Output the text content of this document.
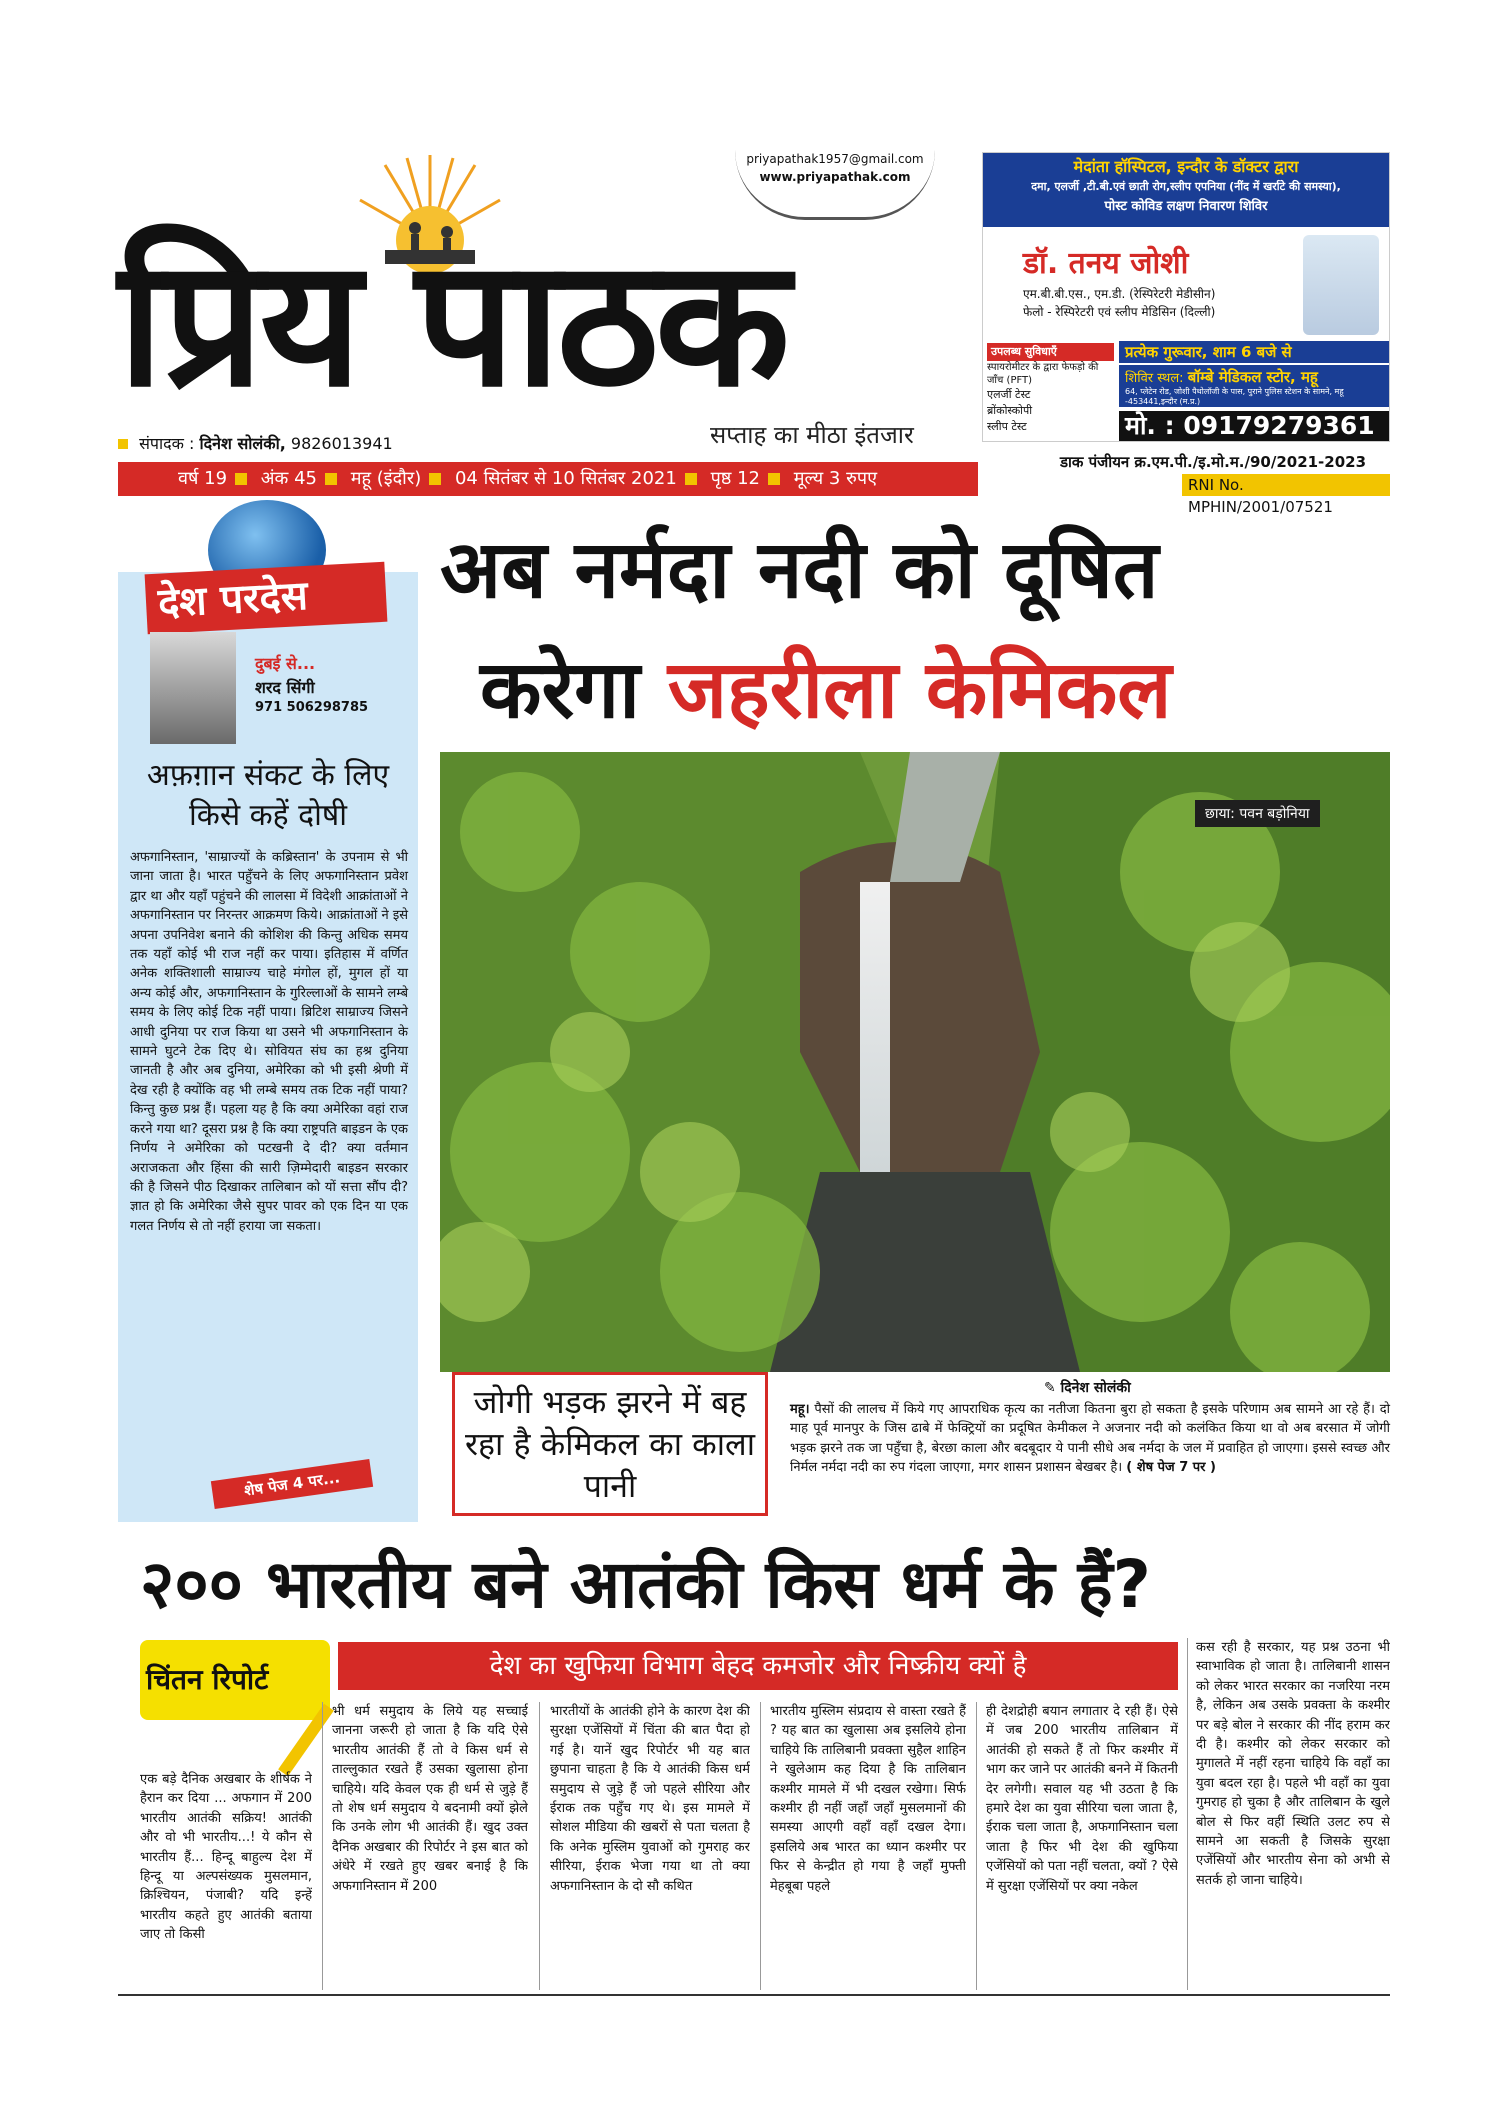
प्रिय पाठक
priyapathak1957@gmail.com
www.priyapathak.com
संपादक : दिनेश सोलंकी, 9826013941	सप्ताह का मीठा इंतजार
वर्ष 19 अंक 45 महू (इंदौर) 04 सितंबर से 10 सितंबर 2021 पृष्ठ 12 मूल्य 3 रुपए
मेदांता हॉस्पिटल, इन्दौर के डॉक्टर द्वारा
दमा, एलर्जी ,टी.बी.एवं छाती रोग,स्लीप एपनिया (नींद में खर्राटे की समस्या),
पोस्ट कोविड लक्षण निवारण शिविर
डॉ. तनय जोशी
एम.बी.बी.एस., एम.डी. (रेस्पिरेटरी मेडीसीन)
फेलो - रेस्पिरेटरी एवं स्लीप मेडिसिन (दिल्ली)
उपलब्ध सुविधाएँ
स्पायरोमीटर के द्वारा फेफड़ो की जाँच (PFT)
एलर्जी टेस्ट
ब्रोंकोस्कोपी
स्लीप टेस्ट
प्रत्येक गुरूवार, शाम 6 बजे से
शिविर स्थल: बॉम्बे मेडिकल स्टोर, महू
64, प्लेटेन रोड, जोशी पैथोलॉजी के पास, पुराने पुलिस स्टेशन के सामने, महू -453441,इन्दौर (म.प्र.)
मो. : 09179279361
डाक पंजीयन क्र.एम.पी./इ.मो.म./90/2021-2023
RNI No. MPHIN/2001/07521
देश परदेस
दुबई से...
शरद सिंगी
971 506298785
अफ़ग़ान संकट के लिए किसे कहें दोषी
अफगानिस्तान, 'साम्राज्यों के कब्रिस्तान' के उपनाम से भी जाना जाता है। भारत पहुँचने के लिए अफगानिस्तान प्रवेश द्वार था और यहाँ पहुंचने की लालसा में विदेशी आक्रांताओं ने अफगानिस्तान पर निरन्तर आक्रमण किये। आक्रांताओं ने इसे अपना उपनिवेश बनाने की कोशिश की किन्तु अधिक समय तक यहाँ कोई भी राज नहीं कर पाया। इतिहास में वर्णित अनेक शक्तिशाली साम्राज्य चाहे मंगोल हों, मुगल हों या अन्य कोई और, अफगानिस्तान के गुरिल्लाओं के सामने लम्बे समय के लिए कोई टिक नहीं पाया। ब्रिटिश साम्राज्य जिसने आधी दुनिया पर राज किया था उसने भी अफगानिस्तान के सामने घुटने टेक दिए थे। सोवियत संघ का हश्र दुनिया जानती है और अब दुनिया, अमेरिका को भी इसी श्रेणी में देख रही है क्योंकि वह भी लम्बे समय तक टिक नहीं पाया? किन्तु कुछ प्रश्न हैं। पहला यह है कि क्या अमेरिका वहां राज करने गया था? दूसरा प्रश्न है कि क्या राष्ट्रपति बाइडन के एक निर्णय ने अमेरिका को पटखनी दे दी? क्या वर्तमान अराजकता और हिंसा की सारी ज़िम्मेदारी बाइडन सरकार की है जिसने पीठ दिखाकर तालिबान को यों सत्ता सौंप दी? ज्ञात हो कि अमेरिका जैसे सुपर पावर को एक दिन या एक गलत निर्णय से तो नहीं हराया जा सकता।
शेष पेज 4 पर...
अब नर्मदा नदी को दूषित
करेगा जहरीला केमिकल
छाया: पवन बड़ोनिया
जोगी भड़क झरने में बह रहा है केमिकल का काला पानी
✎ दिनेश सोलंकी
महू। पैसों की लालच में किये गए आपराधिक कृत्य का नतीजा कितना बुरा हो सकता है इसके परिणाम अब सामने आ रहे हैं। दो माह पूर्व मानपुर के जिस ढाबे में फेक्ट्रियों का प्रदूषित केमीकल ने अजनार नदी को कलंकित किया था वो अब बरसात में जोगी भड़क झरने तक जा पहुँचा है, बेरछा काला और बदबूदार ये पानी सीधे अब नर्मदा के जल में प्रवाहित हो जाएगा। इससे स्वच्छ और निर्मल नर्मदा नदी का रुप गंदला जाएगा, मगर शासन प्रशासन बेखबर है। ( शेष पेज 7 पर )
२०० भारतीय बने आतंकी किस धर्म के हैं?
चिंतन रिपोर्ट	देश का खुफिया विभाग बेहद कमजोर और निष्क्रीय क्यों है
एक बड़े दैनिक अखबार के शीर्षक ने हैरान कर दिया ... अफगान में 200 भारतीय आतंकी सक्रिय! आतंकी और वो भी भारतीय...! ये कौन से भारतीय हैं... हिन्दू बाहुल्य देश में हिन्दू या अल्पसंख्यक मुसलमान, क्रिश्चियन, पंजाबी? यदि इन्हें भारतीय कहते हुए आतंकी बताया जाए तो किसी
भी धर्म समुदाय के लिये यह सच्चाई जानना जरूरी हो जाता है कि यदि ऐसे भारतीय आतंकी हैं तो वे किस धर्म से ताल्लुकात रखते हैं उसका खुलासा होना चाहिये। यदि केवल एक ही धर्म से जुड़े हैं तो शेष धर्म समुदाय ये बदनामी क्यों झेले कि उनके लोग भी आतंकी हैं। खुद उक्त दैनिक अखबार की रिपोर्टर ने इस बात को अंधेरे में रखते हुए खबर बनाई है कि अफगानिस्तान में 200
भारतीयों के आतंकी होने के कारण देश की सुरक्षा एजेंसियों में चिंता की बात पैदा हो गई है। यानें खुद रिपोर्टर भी यह बात छुपाना चाहता है कि ये आतंकी किस धर्म समुदाय से जुड़े हैं जो पहले सीरिया और ईराक तक पहुँच गए थे। इस मामले में सोशल मीडिया की खबरों से पता चलता है कि अनेक मुस्लिम युवाओं को गुमराह कर सीरिया, ईराक भेजा गया था तो क्या अफगानिस्तान के दो सौ कथित
भारतीय मुस्लिम संप्रदाय से वास्ता रखते हैं ? यह बात का खुलासा अब इसलिये होना चाहिये कि तालिबानी प्रवक्ता सुहैल शाहिन ने खुलेआम कह दिया है कि तालिबान कश्मीर मामले में भी दखल रखेगा। सिर्फ कश्मीर ही नहीं जहाँ जहाँ मुसलमानों की समस्या आएगी वहाँ वहाँ दखल देगा। इसलिये अब भारत का ध्यान कश्मीर पर फिर से केन्द्रीत हो गया है जहाँ मुफ्ती मेहबूबा पहले
ही देशद्रोही बयान लगातार दे रही हैं। ऐसे में जब 200 भारतीय तालिबान में आतंकी हो सकते हैं तो फिर कश्मीर में भाग कर जाने पर आतंकी बनने में कितनी देर लगेगी। सवाल यह भी उठता है कि हमारे देश का युवा सीरिया चला जाता है, ईराक चला जाता है, अफगानिस्तान चला जाता है फिर भी देश की खुफिया एजेंसियों को पता नहीं चलता, क्यों ? ऐसे में सुरक्षा एजेंसियों पर क्या नकेल
कस रही है सरकार, यह प्रश्न उठना भी स्वाभाविक हो जाता है। तालिबानी शासन को लेकर भारत सरकार का नजरिया नरम है, लेकिन अब उसके प्रवक्ता के कश्मीर पर बड़े बोल ने सरकार की नींद हराम कर दी है। कश्मीर को लेकर सरकार को मुगालते में नहीं रहना चाहिये कि वहाँ का युवा बदल रहा है। पहले भी वहाँ का युवा गुमराह हो चुका है और तालिबान के खुले बोल से फिर वहीं स्थिति उलट रुप से सामने आ सकती है जिसके सुरक्षा एजेंसियों और भारतीय सेना को अभी से सतर्क हो जाना चाहिये।
